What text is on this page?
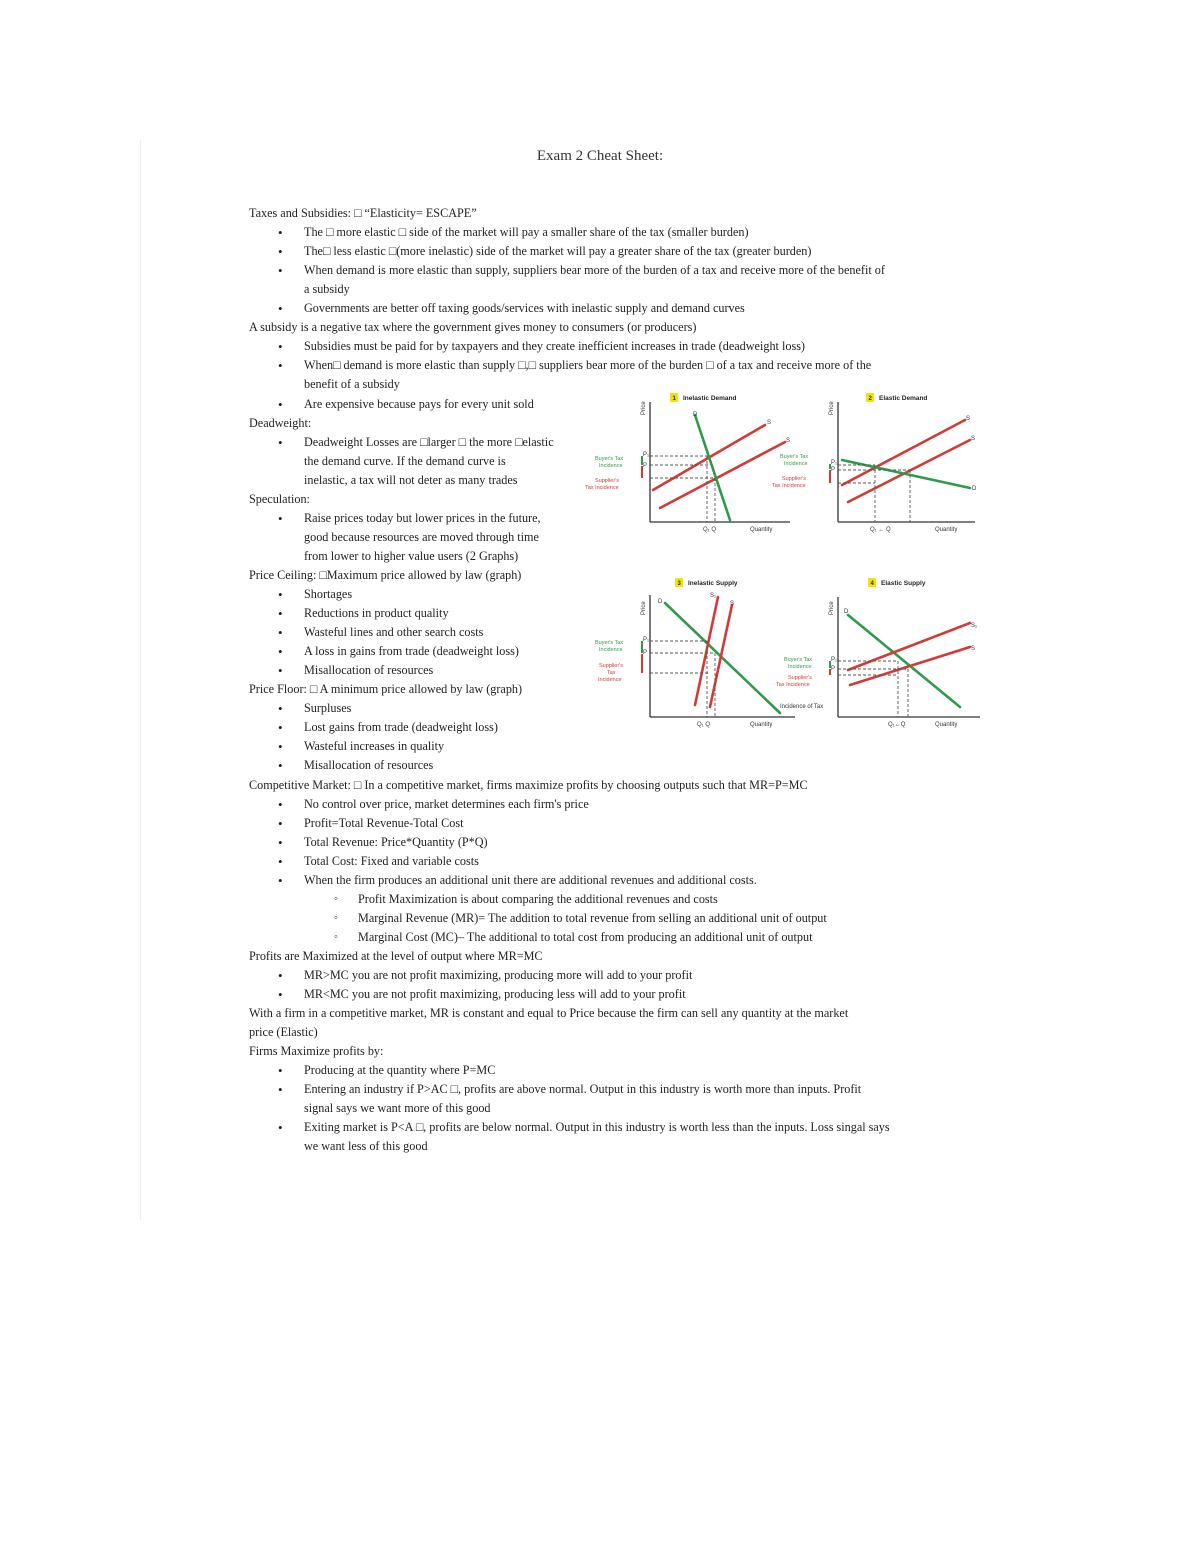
Exam 2 Cheat Sheet:
Taxes and Subsidies: □ “Elasticity= ESCAPE”
• The □ more elastic □ side of the market will pay a smaller share of the tax (smaller burden)
• The□ less elastic □(more inelastic) side of the market will pay a greater share of the tax (greater burden)
• When demand is more elastic than supply, suppliers bear more of the burden of a tax and receive more of the benefit of
a subsidy
• Governments are better off taxing goods/services with inelastic supply and demand curves
A subsidy is a negative tax where the government gives money to consumers (or producers)
• Subsidies must be paid for by taxpayers and they create inefficient increases in trade (deadweight loss)
• When□ demand is more elastic than supply □,□ suppliers bear more of the burden □ of a tax and receive more of the
benefit of a subsidy
• Are expensive because pays for every unit sold
Deadweight:
• Deadweight Losses are □larger □ the more □elastic
the demand curve. If the demand curve is
inelastic, a tax will not deter as many trades
Speculation:
• Raise prices today but lower prices in the future,
good because resources are moved through time
from lower to higher value users (2 Graphs)
Price Ceiling: □Maximum price allowed by law (graph)
• Shortages
• Reductions in product quality
• Wasteful lines and other search costs
• A loss in gains from trade (deadweight loss)
• Misallocation of resources
Price Floor: □ A minimum price allowed by law (graph)
• Surpluses
• Lost gains from trade (deadweight loss)
• Wasteful increases in quality
• Misallocation of resources
Competitive Market: □ In a competitive market, firms maximize profits by choosing outputs such that MR=P=MC
• No control over price, market determines each firm's price
• Profit=Total Revenue-Total Cost
• Total Revenue: Price*Quantity (P*Q)
• Total Cost: Fixed and variable costs
• When the firm produces an additional unit there are additional revenues and additional costs.
◦ Profit Maximization is about comparing the additional revenues and costs
◦ Marginal Revenue (MR)= The addition to total revenue from selling an additional unit of output
◦ Marginal Cost (MC)– The additional to total cost from producing an additional unit of output
Profits are Maximized at the level of output where MR=MC
• MR>MC you are not profit maximizing, producing more will add to your profit
• MR<MC you are not profit maximizing, producing less will add to your profit
With a firm in a competitive market, MR is constant and equal to Price because the firm can sell any quantity at the market
price (Elastic)
Firms Maximize profits by:
• Producing at the quantity where P=MC
• Entering an industry if P>AC □, profits are above normal. Output in this industry is worth more than inputs. Profit
signal says we want more of this good
• Exiting market is P<A □, profits are below normal. Output in this industry is worth less than the inputs. Loss singal says
we want less of this good
1 Inelastic Demand
Price	D
S
S
P₁
P
Buyer's Tax
Incidence
Supplier's
Tax Incidence
Q₁ Q	Quantity
2 Elastic Demand
Price
S
S
D
P₁
P
Buyer's Tax
Incidence
Supplier's
Tax Incidence
Q₁ ← Q	Quantity
3 Inelastic Supply
Price D
S₁
S
P₁
P
Buyer's Tax
Incidence
Supplier's
Tax
Incidence
Q₁ Q	Quantity
4 Elastic Supply
Price D
S₁
S
P₁
P
Buyer's Tax
Incidence
Supplier's
Tax Incidence
Incidence of Tax
Q₁←Q	Quantity
